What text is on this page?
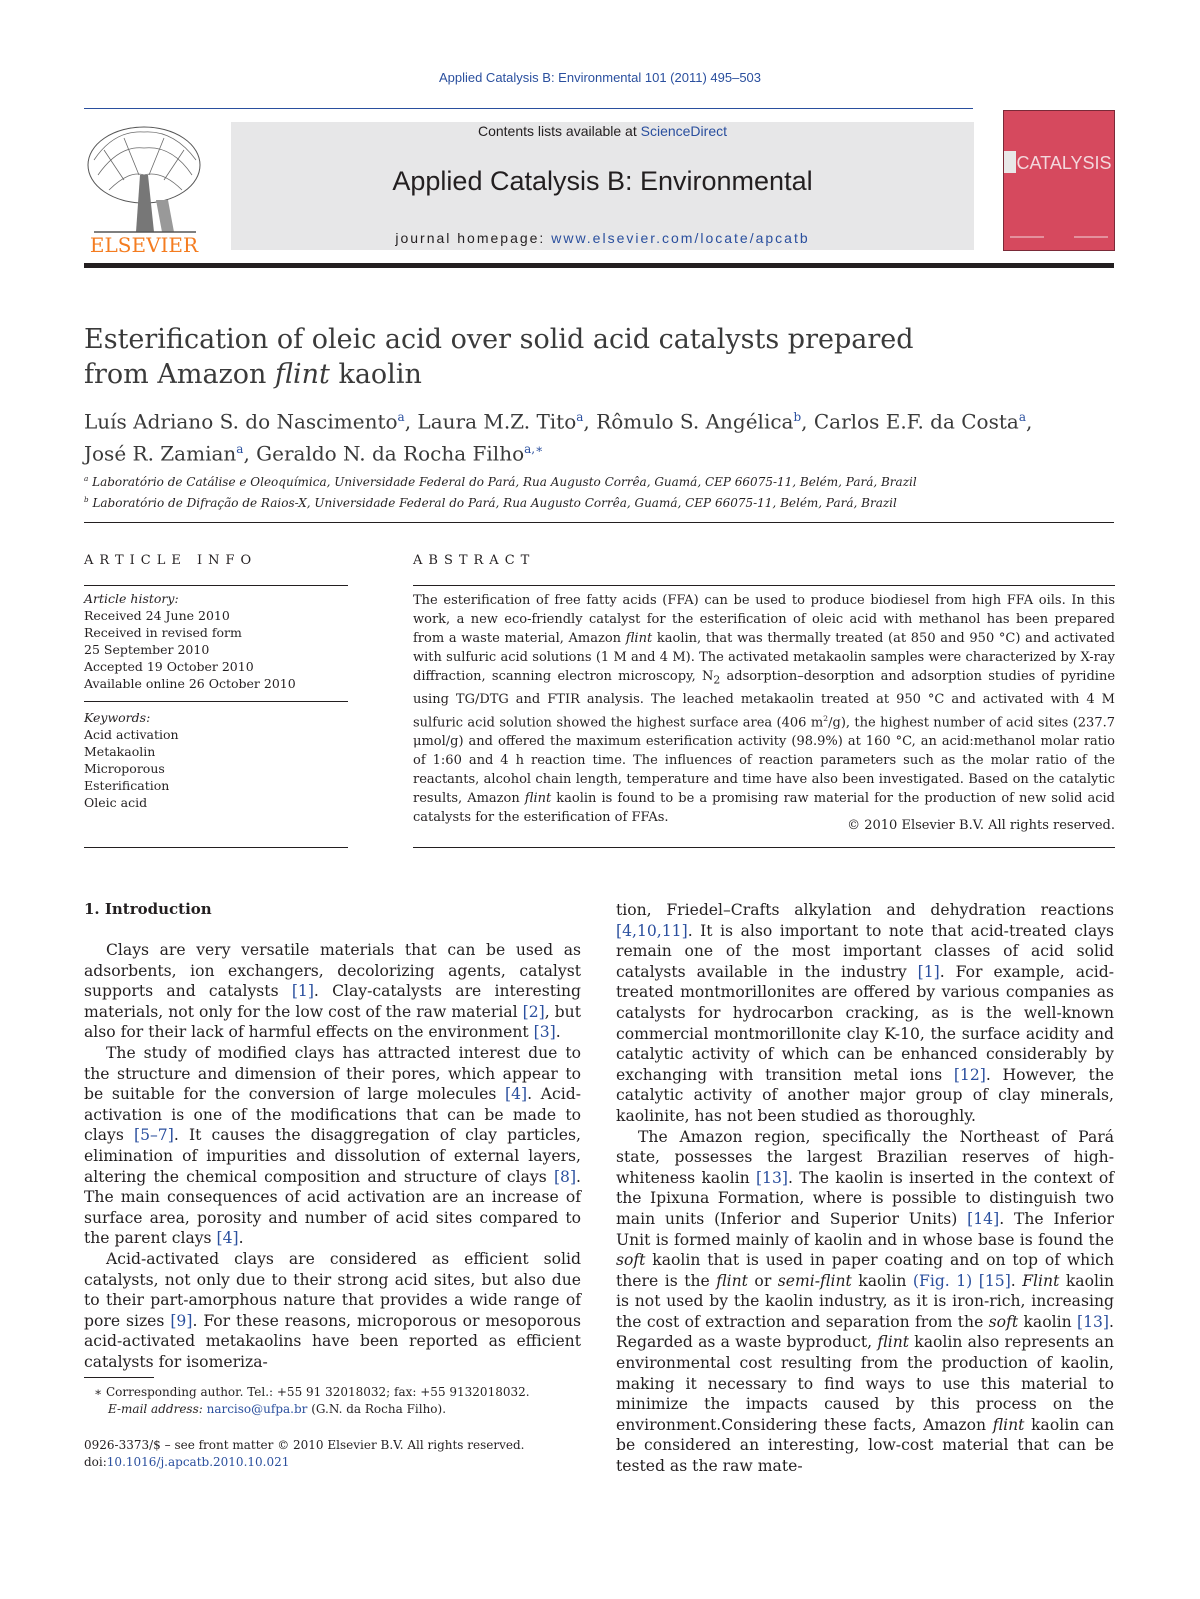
Applied Catalysis B: Environmental 101 (2011) 495–503
ELSEVIER
Contents lists available at ScienceDirect
Applied Catalysis B: Environmental
journal homepage: www.elsevier.com/locate/apcatb
CATALYSIS
Esterification of oleic acid over solid acid catalysts prepared
from Amazon flint kaolin
Luís Adriano S. do Nascimento$^a$, Laura M.Z. Tito$^a$, Rômulo S. Angélica$^b$, Carlos E.F. da Costa$^a$,
José R. Zamian$^a$, Geraldo N. da Rocha Filho$^{a,∗}$
$^a$ Laboratório de Catálise e Oleoquímica, Universidade Federal do Pará, Rua Augusto Corrêa, Guamá, CEP 66075-11, Belém, Pará, Brazil
$^b$ Laboratório de Difração de Raios-X, Universidade Federal do Pará, Rua Augusto Corrêa, Guamá, CEP 66075-11, Belém, Pará, Brazil
ARTICLE INFO
Article history:
Received 24 June 2010
Received in revised form
25 September 2010
Accepted 19 October 2010
Available online 26 October 2010
Keywords:
Acid activation
Metakaolin
Microporous
Esterification
Oleic acid
ABSTRACT
The esterification of free fatty acids (FFA) can be used to produce biodiesel from high FFA oils. In this work, a new eco-friendly catalyst for the esterification of oleic acid with methanol has been prepared from a waste material, Amazon flint kaolin, that was thermally treated (at 850 and 950 °C) and activated with sulfuric acid solutions (1 M and 4 M). The activated metakaolin samples were characterized by X-ray diffraction, scanning electron microscopy, $N_2$ adsorption–desorption and adsorption studies of pyridine using TG/DTG and FTIR analysis. The leached metakaolin treated at 950 °C and activated with 4 M sulfuric acid solution showed the highest surface area (406 $m^2/g$), the highest number of acid sites (237.7 μmol/g) and offered the maximum esterification activity (98.9%) at 160 °C, an acid:methanol molar ratio of 1:60 and 4 h reaction time. The influences of reaction parameters such as the molar ratio of the reactants, alcohol chain length, temperature and time have also been investigated. Based on the catalytic results, Amazon flint kaolin is found to be a promising raw material for the production of new solid acid catalysts for the esterification of FFAs.
© 2010 Elsevier B.V. All rights reserved.
1. Introduction

Clays are very versatile materials that can be used as adsorbents, ion exchangers, decolorizing agents, catalyst supports and catalysts [1]. Clay-catalysts are interesting materials, not only for the low cost of the raw material [2], but also for their lack of harmful effects on the environment [3].

The study of modified clays has attracted interest due to the structure and dimension of their pores, which appear to be suitable for the conversion of large molecules [4]. Acid-activation is one of the modifications that can be made to clays [5–7]. It causes the disaggregation of clay particles, elimination of impurities and dissolution of external layers, altering the chemical composition and structure of clays [8]. The main consequences of acid activation are an increase of surface area, porosity and number of acid sites compared to the parent clays [4].

Acid-activated clays are considered as efficient solid catalysts, not only due to their strong acid sites, but also due to their part-amorphous nature that provides a wide range of pore sizes [9]. For these reasons, microporous or mesoporous acid-activated metakaolins have been reported as efficient catalysts for isomeriza-

tion, Friedel–Crafts alkylation and dehydration reactions [4,10,11]. It is also important to note that acid-treated clays remain one of the most important classes of acid solid catalysts available in the industry [1]. For example, acid-treated montmorillonites are offered by various companies as catalysts for hydrocarbon cracking, as is the well-known commercial montmorillonite clay K-10, the surface acidity and catalytic activity of which can be enhanced considerably by exchanging with transition metal ions [12]. However, the catalytic activity of another major group of clay minerals, kaolinite, has not been studied as thoroughly.

The Amazon region, specifically the Northeast of Pará state, possesses the largest Brazilian reserves of high-whiteness kaolin [13]. The kaolin is inserted in the context of the Ipixuna Formation, where is possible to distinguish two main units (Inferior and Superior Units) [14]. The Inferior Unit is formed mainly of kaolin and in whose base is found the soft kaolin that is used in paper coating and on top of which there is the flint or semi-flint kaolin (Fig. 1) [15]. Flint kaolin is not used by the kaolin industry, as it is iron-rich, increasing the cost of extraction and separation from the soft kaolin [13]. Regarded as a waste byproduct, flint kaolin also represents an environmental cost resulting from the production of kaolin, making it necessary to find ways to use this material to minimize the impacts caused by this process on the environment.Considering these facts, Amazon flint kaolin can be considered an interesting, low-cost material that can be tested as the raw mate-

∗ Corresponding author. Tel.: +55 91 32018032; fax: +55 9132018032.
E-mail address: narciso@ufpa.br (G.N. da Rocha Filho).
0926-3373/$ – see front matter © 2010 Elsevier B.V. All rights reserved.
doi:10.1016/j.apcatb.2010.10.021
